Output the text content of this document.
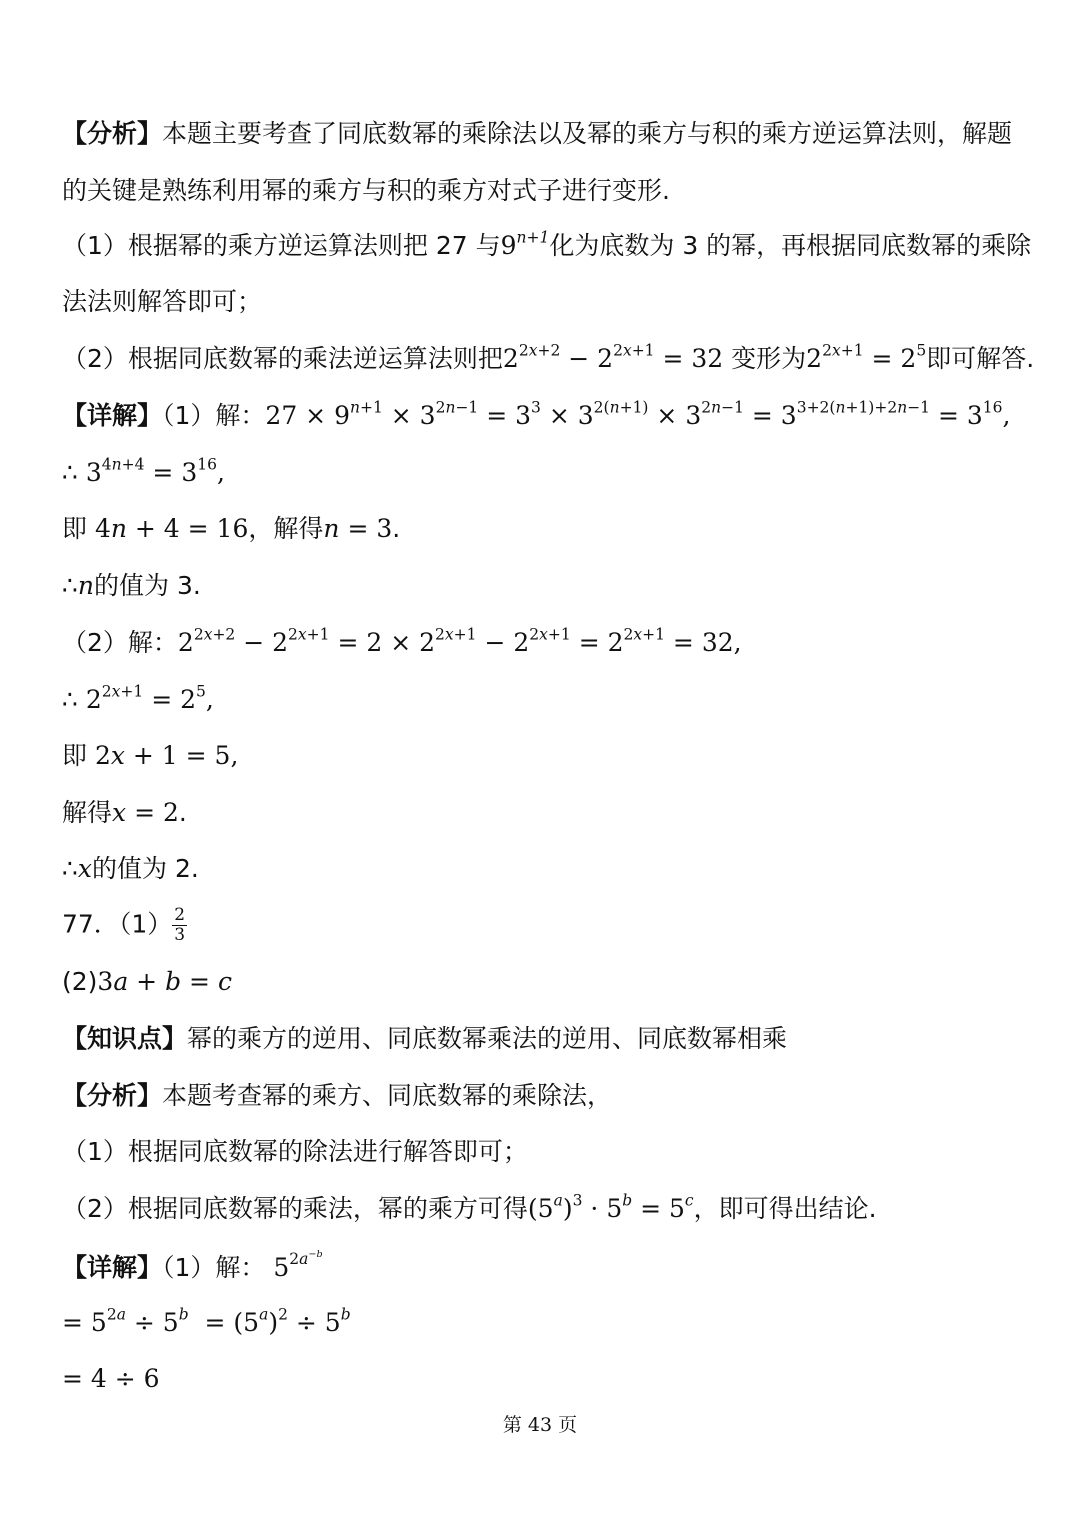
【分析】本题主要考查了同底数幂的乘除法以及幂的乘方与积的乘方逆运算法则，解题
的关键是熟练利用幂的乘方与积的乘方对式子进行变形.
（1）根据幂的乘方逆运算法则把 27 与$9^{n+1}$化为底数为 3 的幂，再根据同底数幂的乘除
法法则解答即可；
（2）根据同底数幂的乘法逆运算法则把$2^{2x+2} - 2^{2x+1} = 32$ 变形为$2^{2x+1} = 2^5$即可解答.
【详解】（1）解：$27 \times 9^{n+1} \times 3^{2n-1} = 3^3 \times 3^{2(n+1)} \times 3^{2n-1} = 3^{3+2(n+1)+2n-1} = 3^{16}$,
∴ $3^{4n+4} = 3^{16}$,
即 4n + 4 = 16，解得n = 3.
∴n的值为 3.
（2）解：$2^{2x+2} - 2^{2x+1} = 2 \times 2^{2x+1} - 2^{2x+1} = 2^{2x+1} = 32$,
∴ $2^{2x+1} = 2^5$,
即 2x + 1 = 5,
解得x = 2.
∴x的值为 2.
77．$(1) \frac{2}{3}$
(2)3a + b = c
【知识点】幂的乘方的逆用、同底数幂乘法的逆用、同底数幂相乘
【分析】本题考查幂的乘方、同底数幂的乘除法，
（1）根据同底数幂的除法进行解答即可；
（2）根据同底数幂的乘法，幂的乘方可得$(5^a)^3 \cdot 5^b = 5^c$，即可得出结论.
【详解】（1）解： $5^{2a^{-b}}$
= $5^{2a} \div 5^b = (5^a)^2 \div 5^b$
= 4 ÷ 6
第 43 页
